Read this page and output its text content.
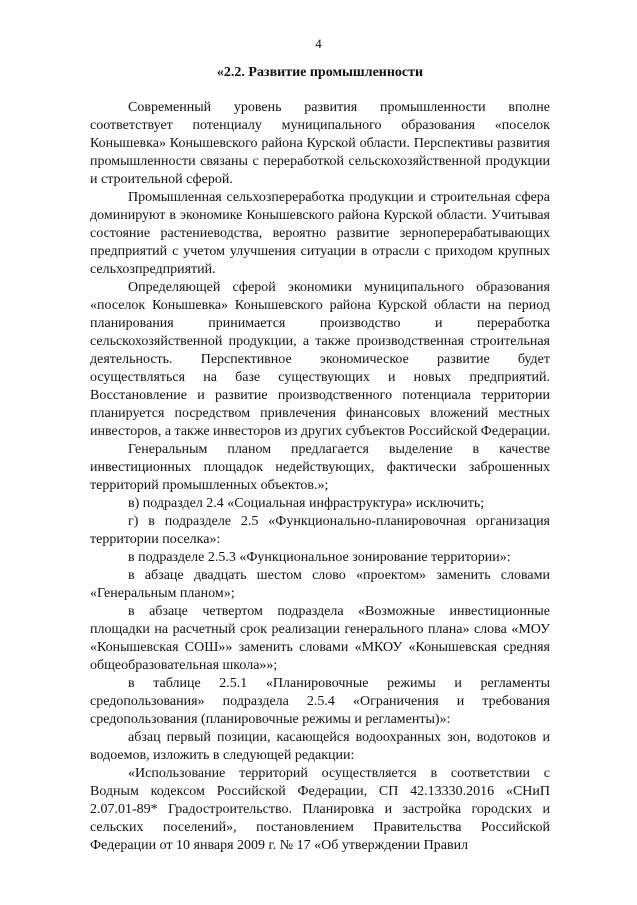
4
«2.2. Развитие промышленности
Современный уровень развития промышленности вполне
соответствует потенциалу муниципального образования «поселок
Конышевка» Конышевского района Курской области. Перспективы развития
промышленности связаны с переработкой сельскохозяйственной продукции
и строительной сферой.
Промышленная сельхозпереработка продукции и строительная сфера
доминируют в экономике Конышевского района Курской области. Учитывая
состояние растениеводства, вероятно развитие зерноперерабатывающих
предприятий с учетом улучшения ситуации в отрасли с приходом крупных
сельхозпредприятий.
Определяющей сферой экономики муниципального образования
«поселок Конышевка» Конышевского района Курской области на период
планирования принимается производство и переработка
сельскохозяйственной продукции, а также производственная строительная
деятельность. Перспективное экономическое развитие будет
осуществляться на базе существующих и новых предприятий.
Восстановление и развитие производственного потенциала территории
планируется посредством привлечения финансовых вложений местных
инвесторов, а также инвесторов из других субъектов Российской Федерации.
Генеральным планом предлагается выделение в качестве
инвестиционных площадок недействующих, фактически заброшенных
территорий промышленных объектов.»;
в) подраздел 2.4 «Социальная инфраструктура» исключить;
г) в подразделе 2.5 «Функционально-планировочная организация
территории поселка»:
в подразделе 2.5.3 «Функциональное зонирование территории»:
в абзаце двадцать шестом слово «проектом» заменить словами
«Генеральным планом»;
в абзаце четвертом подраздела «Возможные инвестиционные
площадки на расчетный срок реализации генерального плана» слова «МОУ
«Конышевская СОШ»» заменить словами «МКОУ «Конышевская средняя
общеобразовательная школа»»;
в таблице 2.5.1 «Планировочные режимы и регламенты
средопользования» подраздела 2.5.4 «Ограничения и требования
средопользования (планировочные режимы и регламенты)»:
абзац первый позиции, касающейся водоохранных зон, водотоков и
водоемов, изложить в следующей редакции:
«Использование территорий осуществляется в соответствии с
Водным кодексом Российской Федерации, СП 42.13330.2016 «СНиП
2.07.01-89* Градостроительство. Планировка и застройка городских и
сельских поселений», постановлением Правительства Российской
Федерации от 10 января 2009 г. № 17 «Об утверждении Правил
